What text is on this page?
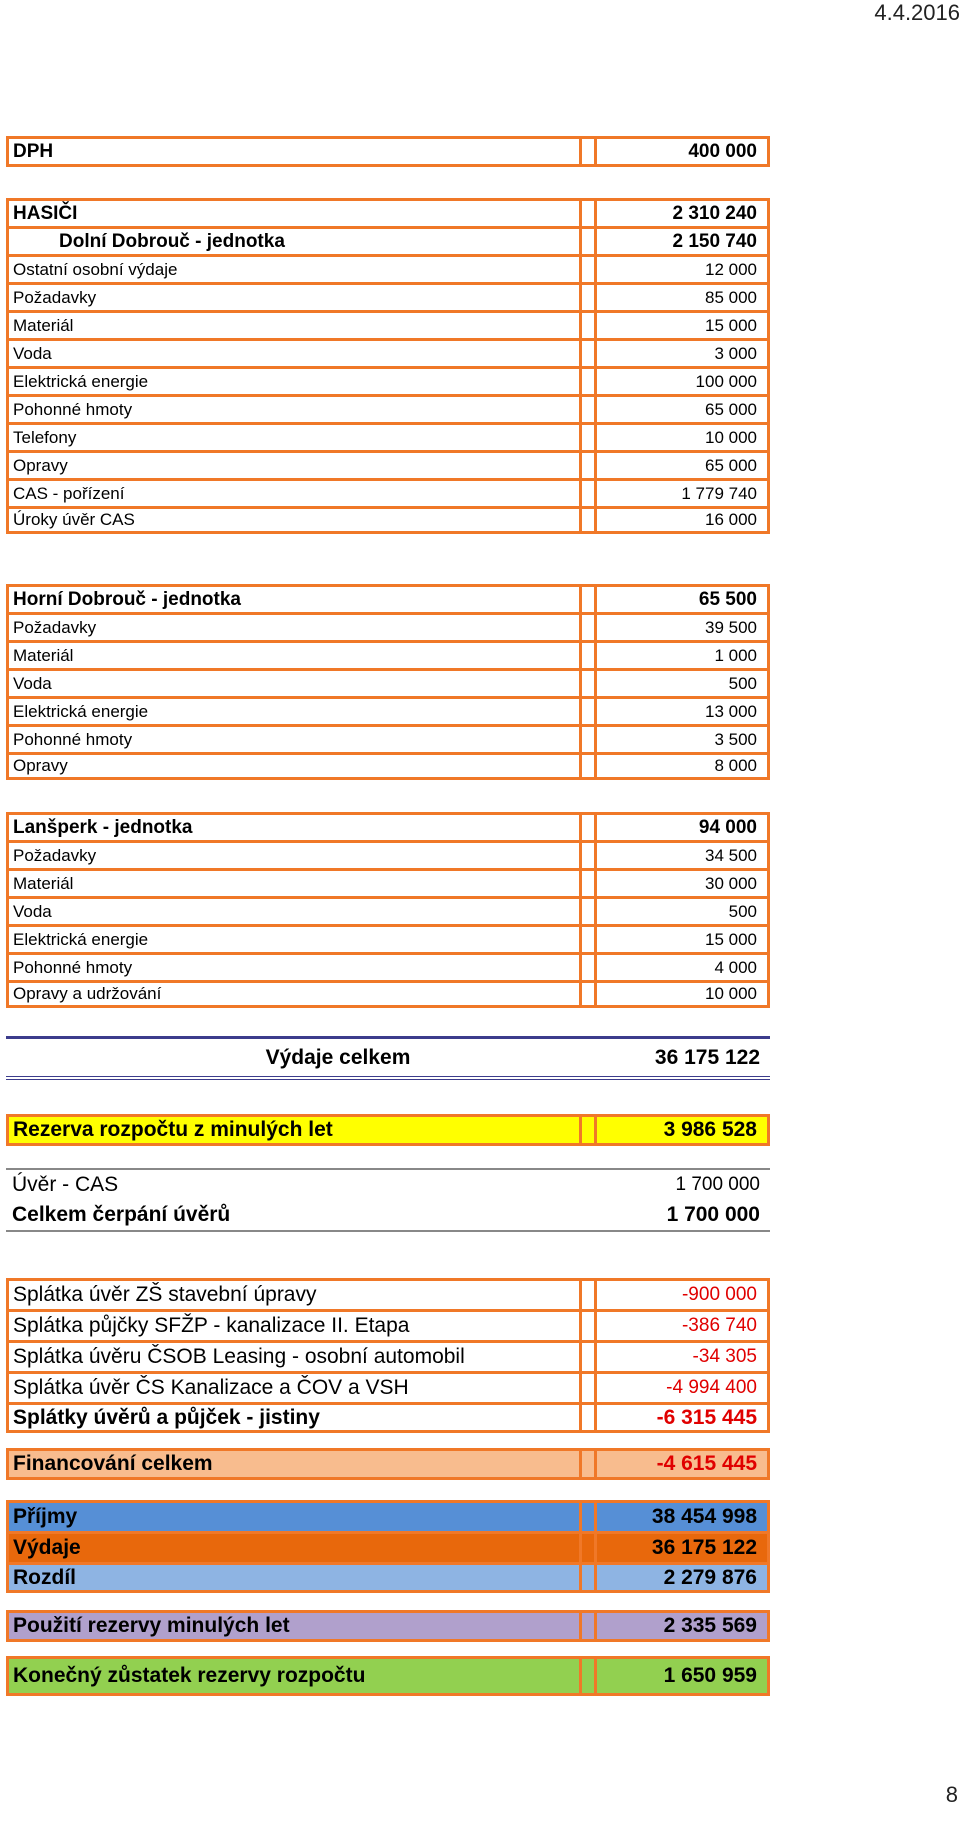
4.4.2016
DPH	400 000
HASIČI	2 310 240
Dolní Dobrouč - jednotka	2 150 740
Ostatní osobní výdaje	12 000
Požadavky	85 000
Materiál	15 000
Voda	3 000
Elektrická energie	100 000
Pohonné hmoty	65 000
Telefony	10 000
Opravy	65 000
CAS - pořízení	1 779 740
Úroky úvěr CAS	16 000
Horní Dobrouč - jednotka	65 500
Požadavky	39 500
Materiál	1 000
Voda	500
Elektrická energie	13 000
Pohonné hmoty	3 500
Opravy	8 000
Lanšperk - jednotka	94 000
Požadavky	34 500
Materiál	30 000
Voda	500
Elektrická energie	15 000
Pohonné hmoty	4 000
Opravy a udržování	10 000
Výdaje celkem	36 175 122
Rezerva rozpočtu z minulých let	3 986 528
Úvěr - CAS	1 700 000
Celkem čerpání úvěrů	1 700 000
Splátka úvěr ZŠ stavební úpravy	-900 000
Splátka půjčky SFŽP - kanalizace II. Etapa	-386 740
Splátka úvěru ČSOB Leasing - osobní automobil	-34 305
Splátka úvěr ČS Kanalizace a ČOV a VSH	-4 994 400
Splátky úvěrů a půjček - jistiny	-6 315 445
Financování celkem	-4 615 445
Příjmy	38 454 998
Výdaje	36 175 122
Rozdíl	2 279 876
Použití rezervy minulých let	2 335 569
Konečný zůstatek rezervy rozpočtu	1 650 959
8
